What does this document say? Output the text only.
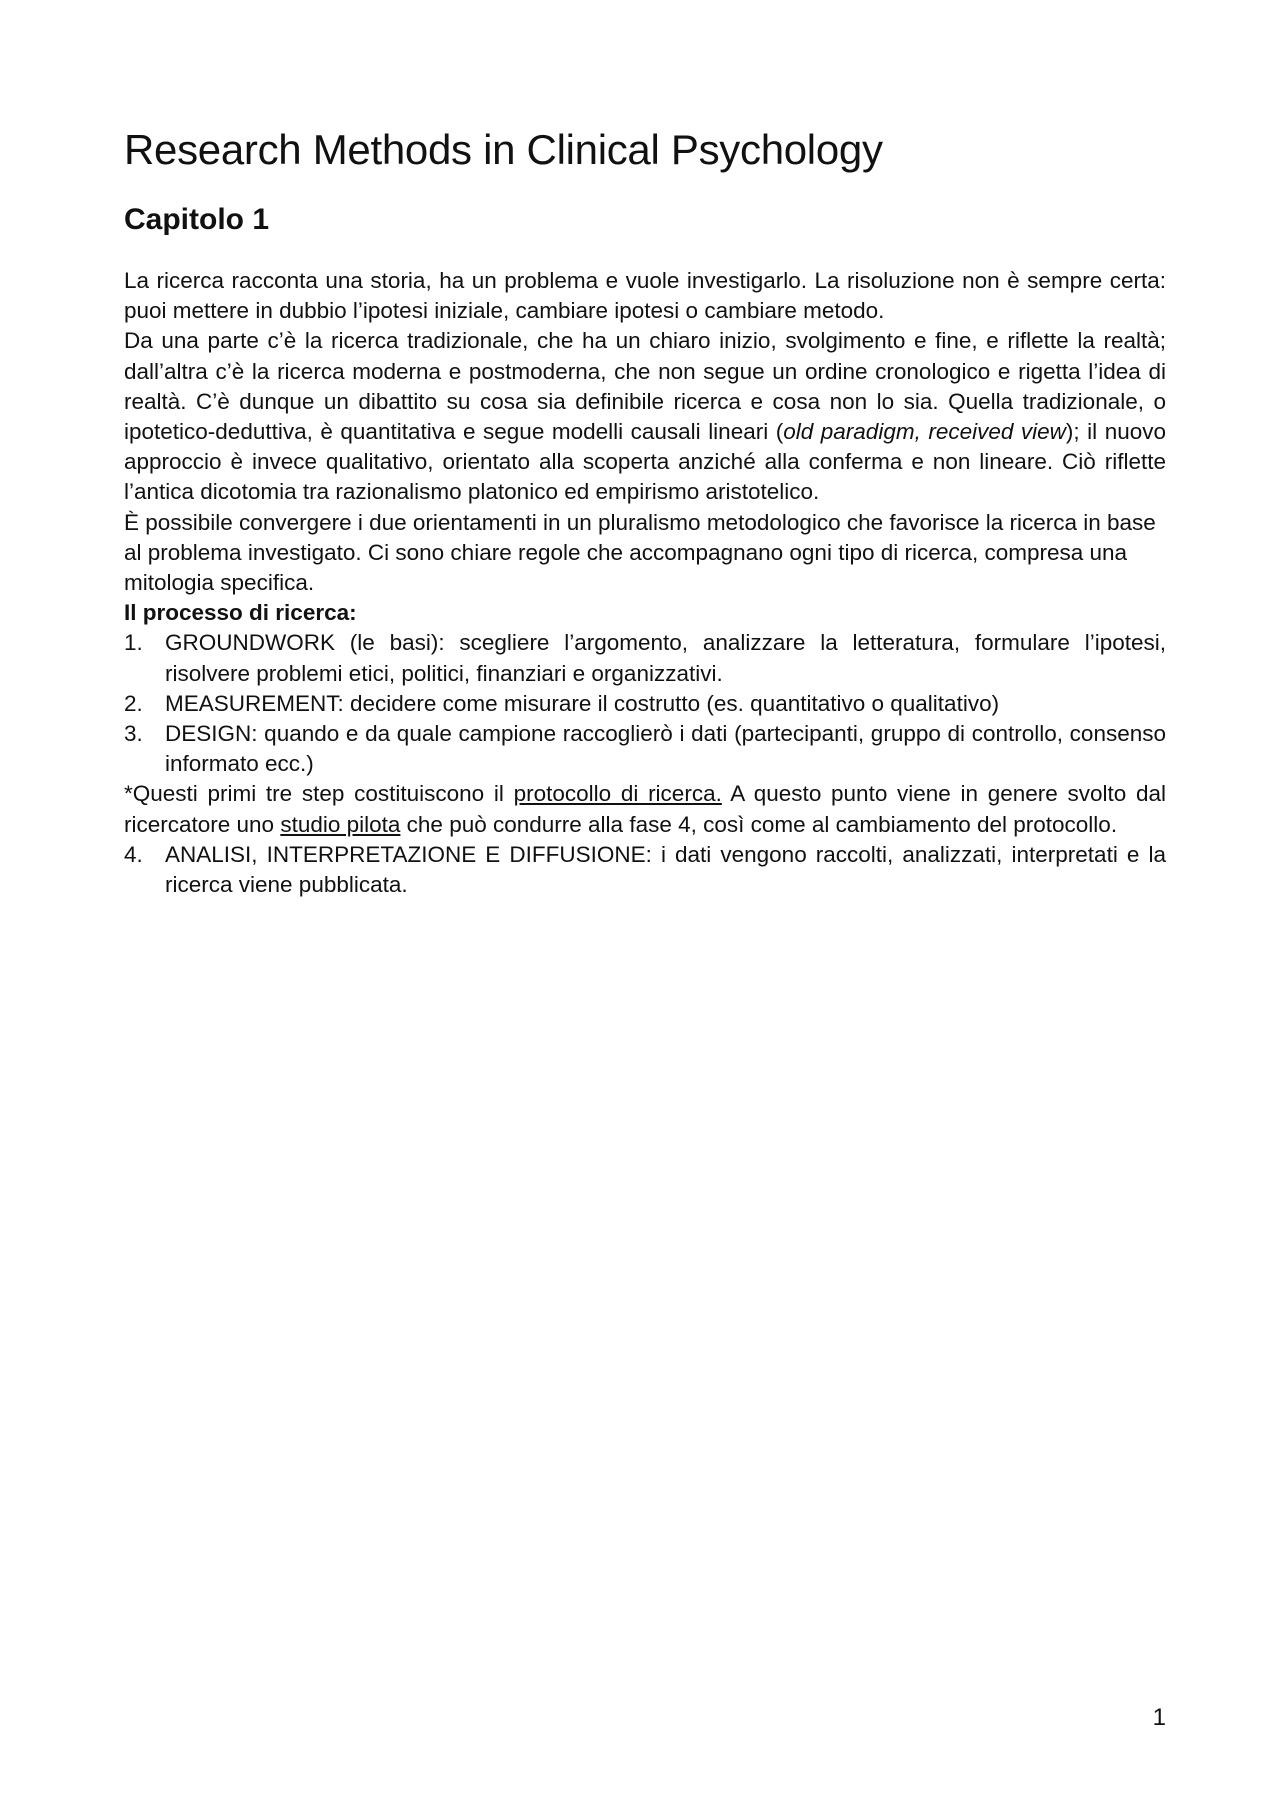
Research Methods in Clinical Psychology
Capitolo 1

La ricerca racconta una storia, ha un problema e vuole investigarlo. La risoluzione non è sempre certa: puoi mettere in dubbio l’ipotesi iniziale, cambiare ipotesi o cambiare metodo.

Da una parte c’è la ricerca tradizionale, che ha un chiaro inizio, svolgimento e fine, e riflette la realtà; dall’altra c’è la ricerca moderna e postmoderna, che non segue un ordine cronologico e rigetta l’idea di realtà. C’è dunque un dibattito su cosa sia definibile ricerca e cosa non lo sia. Quella tradizionale, o ipotetico-deduttiva, è quantitativa e segue modelli causali lineari (old paradigm, received view); il nuovo approccio è invece qualitativo, orientato alla scoperta anziché alla conferma e non lineare. Ciò riflette l’antica dicotomia tra razionalismo platonico ed empirismo aristotelico.

È possibile convergere i due orientamenti in un pluralismo metodologico che favorisce la ricerca in base al problema investigato. Ci sono chiare regole che accompagnano ogni tipo di ricerca, compresa una mitologia specifica.

Il processo di ricerca:

1. GROUNDWORK (le basi): scegliere l’argomento, analizzare la letteratura, formulare l’ipotesi, risolvere problemi etici, politici, finanziari e organizzativi.
2. MEASUREMENT: decidere come misurare il costrutto (es. quantitativo o qualitativo)
3. DESIGN: quando e da quale campione raccoglierò i dati (partecipanti, gruppo di controllo, consenso informato ecc.)

*Questi primi tre step costituiscono il protocollo di ricerca. A questo punto viene in genere svolto dal ricercatore uno studio pilota che può condurre alla fase 4, così come al cambiamento del protocollo.

4. ANALISI, INTERPRETAZIONE E DIFFUSIONE: i dati vengono raccolti, analizzati, interpretati e la ricerca viene pubblicata.
1
